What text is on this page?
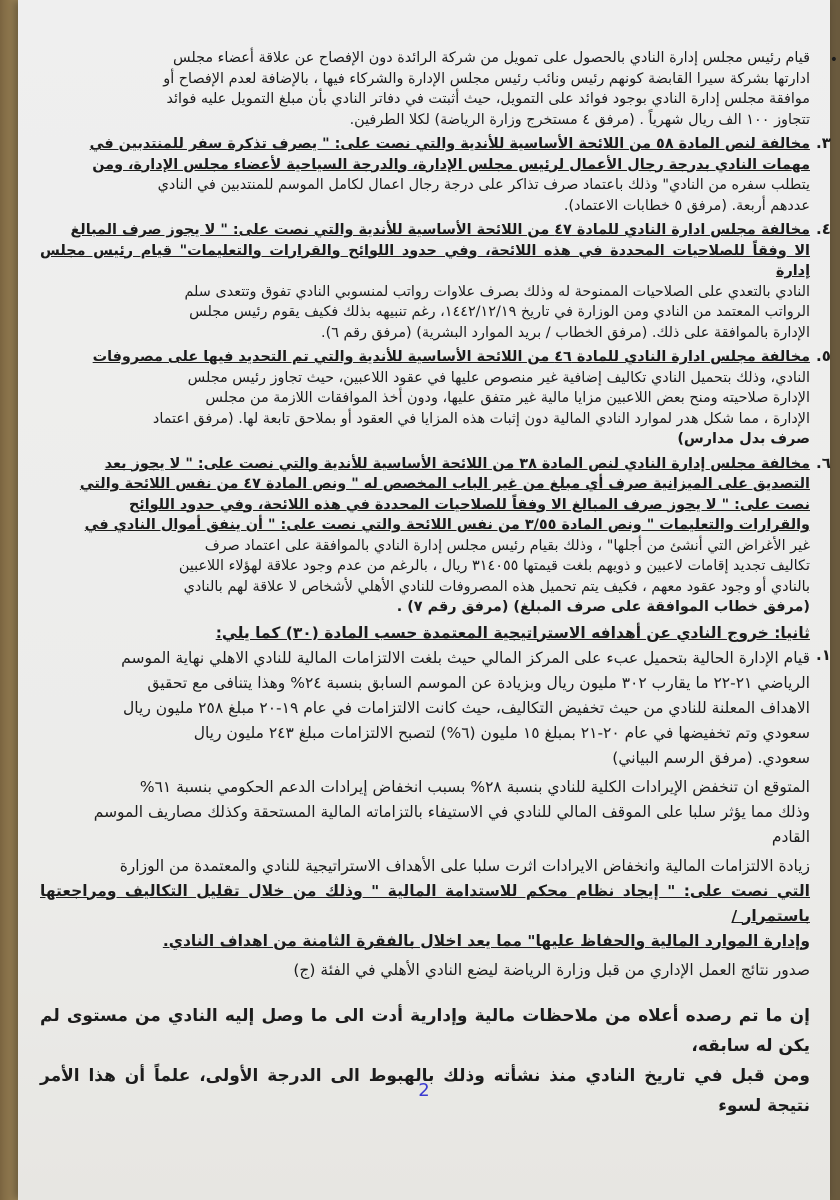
•

قيام رئيس مجلس إدارة النادي بالحصول على تمويل من شركة الرائدة دون الإفصاح عن علاقة أعضاء مجلس

ادارتها بشركة سيرا القابضة كونهم رئيس ونائب رئيس مجلس الإدارة والشركاء فيها ، بالإضافة لعدم الإفصاح أو

موافقة مجلس إدارة النادي بوجود فوائد على التمويل، حيث أثبتت في دفاتر النادي بأن مبلغ التمويل عليه فوائد

تتجاوز ١٠٠ الف ريال شهرياً . (مرفق ٤ مستخرج وزارة الرياضة) لكلا الطرفين.

٣.

مخالفة لنص المادة ٥٨ من اللائحة الأساسية للأندية والتي نصت على: " يصرف تذكرة سفر للمنتدبين في

مهمات النادي بدرجة رجال الأعمال لرئيس مجلس الإدارة، والدرجة السياحية لأعضاء مجلس الإدارة، ومن

يتطلب سفره من النادي" وذلك باعتماد صرف تذاكر على درجة رجال اعمال لكامل الموسم للمنتدبين في النادي

عددهم أربعة. (مرفق ٥ خطابات الاعتماد).

٤.

مخالفة مجلس ادارة النادي للمادة ٤٧ من اللائحة الأساسية للأندية والتي نصت على: " لا يجوز صرف المبالغ

الا وفقاً للصلاحيات المحددة في هذه اللائحة، وفي حدود اللوائح والقرارات والتعليمات" قيام رئيس مجلس إدارة

النادي بالتعدي على الصلاحيات الممنوحة له وذلك بصرف علاوات رواتب لمنسوبي النادي تفوق وتتعدى سلم

الرواتب المعتمد من النادي ومن الوزارة في تاريخ ١٤٤٢/١٢/١٩، رغم تنبيهه بذلك فكيف يقوم رئيس مجلس

الإدارة بالموافقة على ذلك. (مرفق الخطاب / بريد الموارد البشرية) (مرفق رقم ٦).

٥.

مخالفة مجلس ادارة النادي للمادة ٤٦ من اللائحة الأساسية للأندية والتي تم التحديد فيها على مصروفات

النادي، وذلك بتحميل النادي تكاليف إضافية غير منصوص عليها في عقود اللاعبين، حيث تجاوز رئيس مجلس

الإدارة صلاحيته ومنح بعض اللاعبين مزايا مالية غير متفق عليها، ودون أخذ الموافقات اللازمة من مجلس

الإدارة ، مما شكل هدر لموارد النادي المالية دون إثبات هذه المزايا في العقود أو بملاحق تابعة لها. (مرفق اعتماد

صرف بدل مدارس)

٦.

مخالفة مجلس إدارة النادي لنص المادة ٣٨ من اللائحة الأساسية للأندية والتي نصت على: " لا يجوز بعد

التصديق على الميزانية صرف أي مبلغ من غير الباب المخصص له " ونص المادة ٤٧ من نفس اللائحة والتي

نصت على: " لا يجوز صرف المبالغ الا وفقاً للصلاحيات المحددة في هذه اللائحة، وفي حدود اللوائح

والقرارات والتعليمات " ونص المادة ٣/٥٥ من نفس اللائحة والتي نصت على: " أن ينفق أموال النادي في

غير الأغراض التي أنشئ من أجلها" ، وذلك بقيام رئيس مجلس إدارة النادي بالموافقة على اعتماد صرف

تكاليف تجديد إقامات لاعبين و ذويهم بلغت قيمتها ٣١٤٠٥٥ ريال ، بالرغم من عدم وجود علاقة لهؤلاء اللاعبين

بالنادي أو وجود عقود معهم ، فكيف يتم تحميل هذه المصروفات للنادي الأهلي لأشخاص لا علاقة لهم بالنادي

(مرفق خطاب الموافقة على صرف المبلغ) (مرفق رقم ٧) .

ثانيا: خروج النادي عن أهدافه الاستراتيجية المعتمدة حسب المادة (٣٠) كما يلي:
١.

قيام الإدارة الحالية بتحميل عبء على المركز المالي حيث بلغت الالتزامات المالية للنادي الاهلي نهاية الموسم

الرياضي ٢١-٢٢ ما يقارب ٣٠٢ مليون ريال وبزيادة عن الموسم السابق بنسبة ٢٤% وهذا يتنافى مع تحقيق

الاهداف المعلنة للنادي من حيث تخفيض التكاليف، حيث كانت الالتزامات في عام ١٩-٢٠ مبلغ ٢٥٨ مليون ريال

سعودي وتم تخفيضها في عام ٢٠-٢١ بمبلغ ١٥ مليون (٦%) لتصبح الالتزامات مبلغ ٢٤٣ مليون ريال

سعودي. (مرفق الرسم البياني)

المتوقع ان تنخفض الإيرادات الكلية للنادي بنسبة ٢٨% بسبب انخفاض إيرادات الدعم الحكومي بنسبة ٦١%

وذلك مما يؤثر سلبا على الموقف المالي للنادي في الاستيفاء بالتزاماته المالية المستحقة وكذلك مصاريف الموسم

القادم

زيادة الالتزامات المالية وانخفاض الايرادات اثرت سلبا على الأهداف الاستراتيجية للنادي والمعتمدة من الوزارة

التي نصت على: " إيجاد نظام محكم للاستدامة المالية " وذلك من خلال تقليل التكاليف ومراجعتها باستمرار /

وإدارة الموارد المالية والحفاظ عليها" مما يعد اخلال بالفقرة الثامنة من اهداف النادي.

صدور نتائج العمل الإداري من قبل وزارة الرياضة ليضع النادي الأهلي في الفئة (ج)

إن ما تم رصده أعلاه من ملاحظات مالية وإدارية أدت الى ما وصل إليه النادي من مستوى لم يكن له سابقه،

ومن قبل في تاريخ النادي منذ نشأته وذلك بالهبوط الى الدرجة الأولى، علماً أن هذا الأمر نتيجة لسوء

2
